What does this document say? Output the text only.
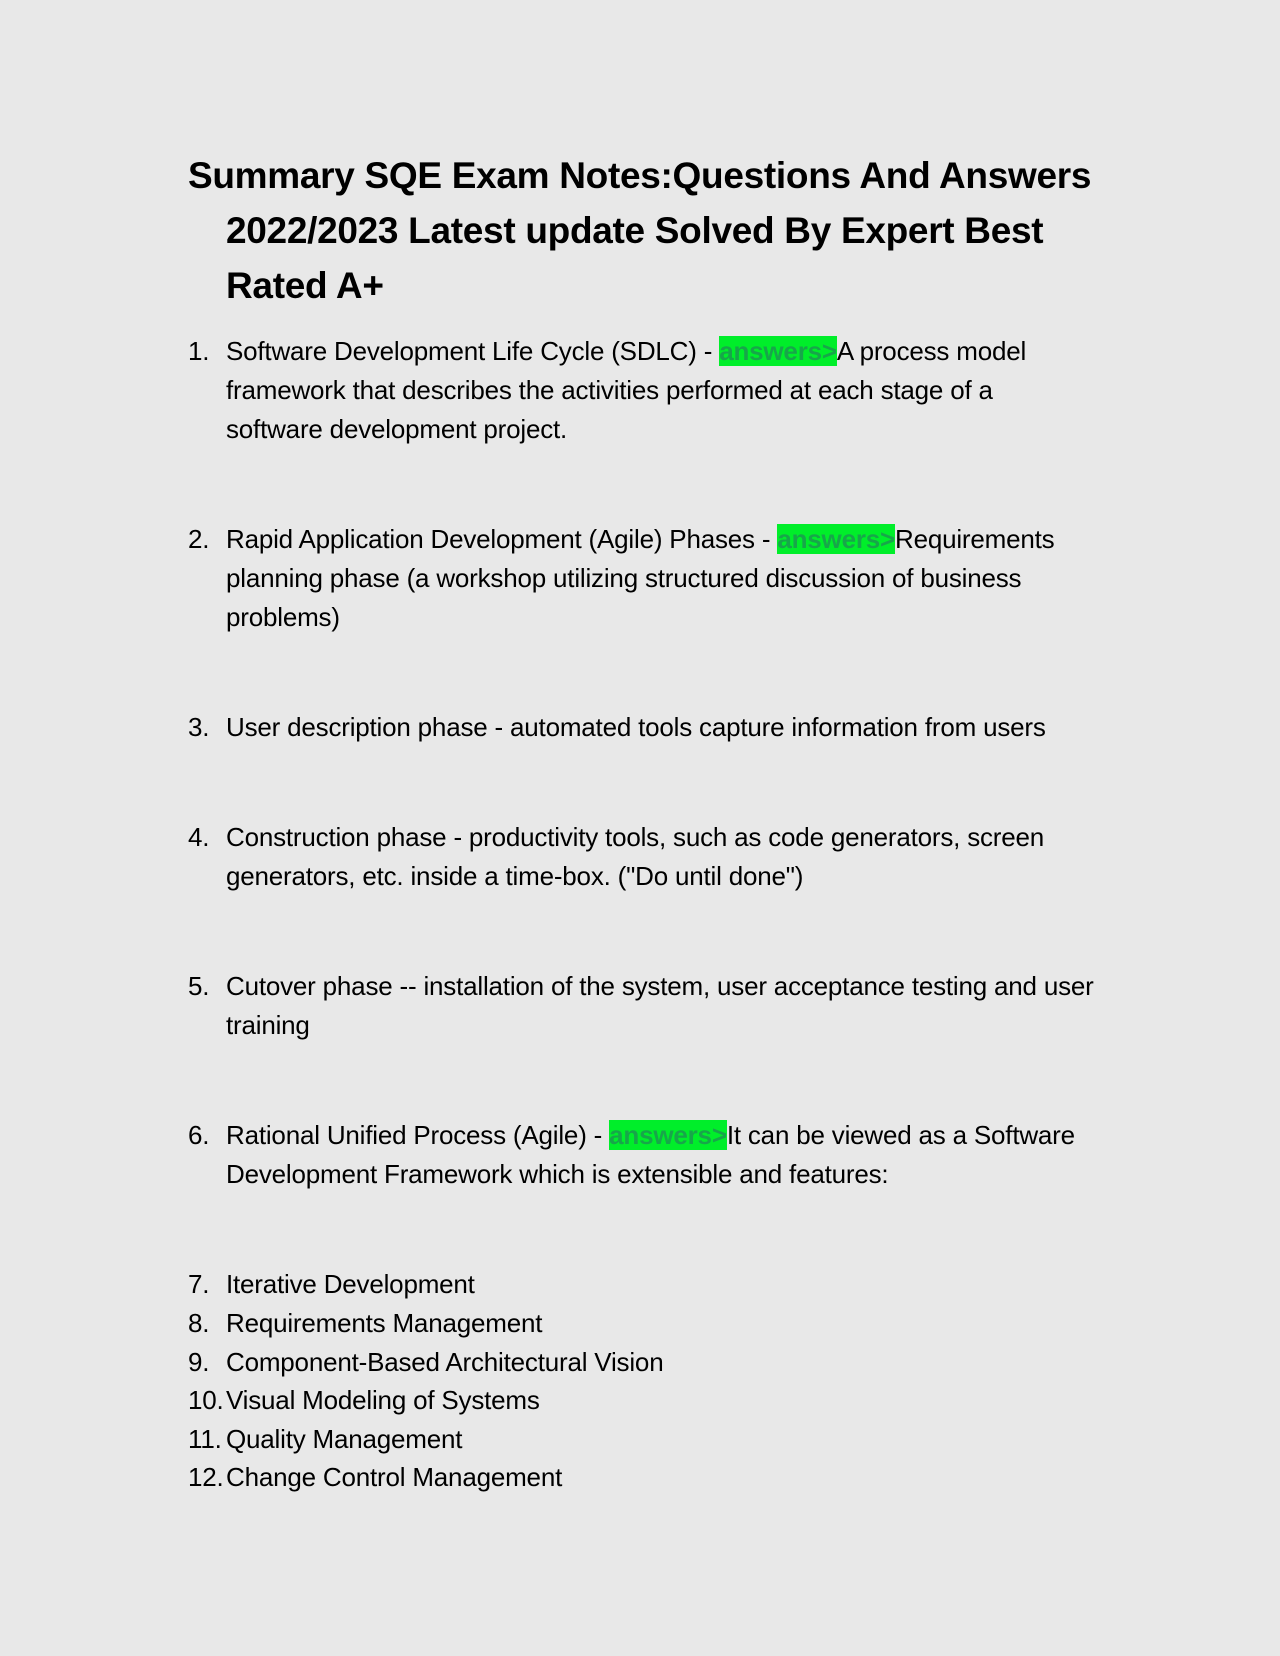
Summary SQE Exam Notes:Questions And Answers
2022/2023 Latest update Solved By Expert Best
Rated A+
1. Software Development Life Cycle (SDLC) - answers>A process model
framework that describes the activities performed at each stage of a
software development project.
2. Rapid Application Development (Agile) Phases - answers>Requirements
planning phase (a workshop utilizing structured discussion of business
problems)
3. User description phase - automated tools capture information from users
4. Construction phase - productivity tools, such as code generators, screen
generators, etc. inside a time-box. ("Do until done")
5. Cutover phase -- installation of the system, user acceptance testing and user
training
6. Rational Unified Process (Agile) - answers>It can be viewed as a Software
Development Framework which is extensible and features:
7. Iterative Development
8. Requirements Management
9. Component-Based Architectural Vision
10. Visual Modeling of Systems
11. Quality Management
12. Change Control Management
